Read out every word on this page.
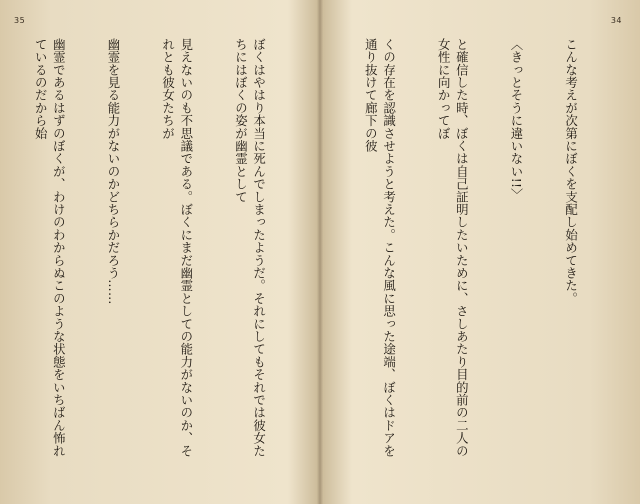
35

ぼくはやはり本当に死んでしまったようだ。それにしてもそれでは彼女たちにはぼくの姿が幽霊として

見えないのも不思議である。ぼくにまだ幽霊としての能力がないのか、それとも彼女たちが

幽霊を見る能力がないのかどちらかだろう……

幽霊であるはずのぼくが、わけのわからぬこのような状態をいちばん怖れているのだから始

34

こんな考えが次第にぼくを支配し始めてきた。

〈きっとそうに違いない!!〉

と確信した時、ぼくは自己証明したいために、さしあたり目的前の二人の女性に向かってぼ

くの存在を認識させようと考えた。こんな風に思った途端、ぼくはドアを通り抜けて廊下の彼
